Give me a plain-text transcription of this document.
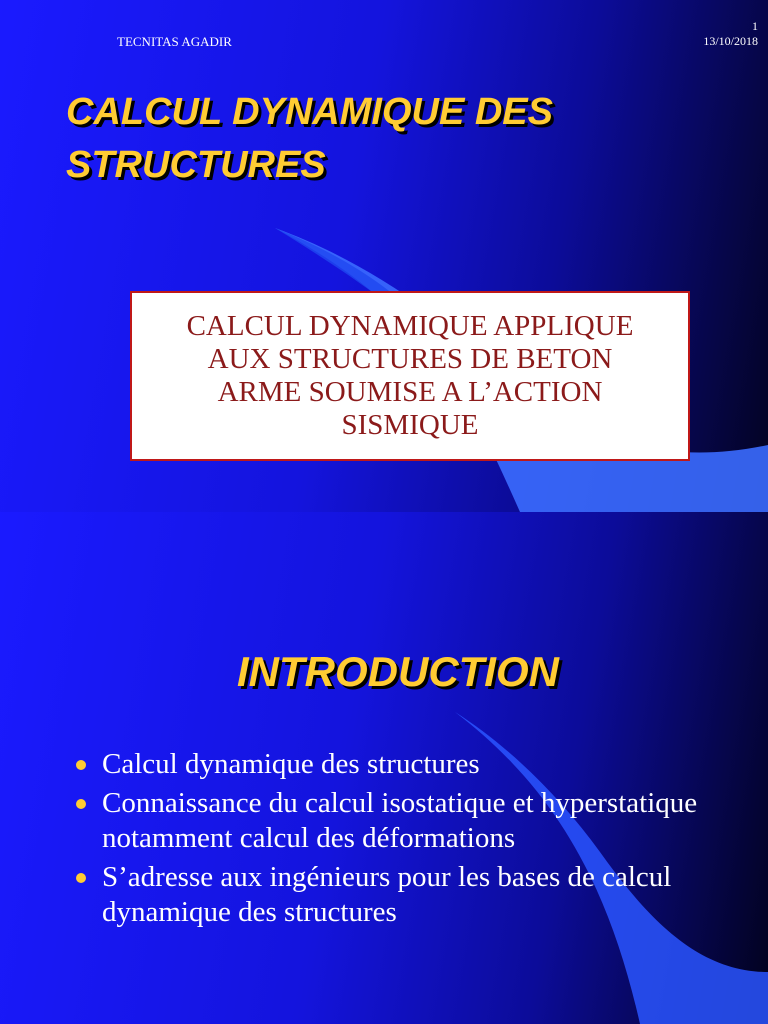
CALCUL DYNAMIQUE DES STRUCTURES
CALCUL DYNAMIQUE APPLIQUE
AUX STRUCTURES DE BETON
ARME SOUMISE A L’ACTION
SISMIQUE
TECNITAS AGADIR
1
13/10/2018
INTRODUCTION
Calcul dynamique des structures
Connaissance du calcul isostatique et hyperstatique notamment calcul des déformations
S’adresse aux ingénieurs pour les bases de calcul dynamique des structures
